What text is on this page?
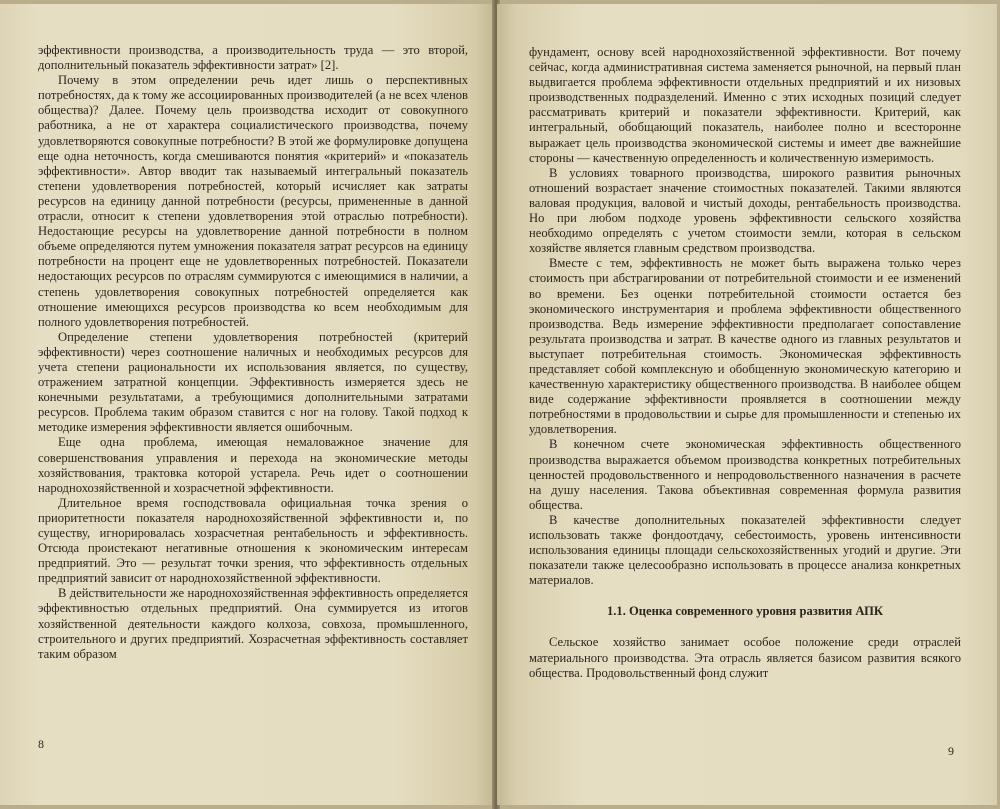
эффективности производства, а производительность труда — это второй, дополнительный показатель эффективности затрат» [2].

Почему в этом определении речь идет лишь о перспективных потребностях, да к тому же ассоциированных производителей (а не всех членов общества)? Далее. Почему цель производства исходит от совокупного работника, а не от характера социалистического производства, почему удовлетворяются совокупные потребности? В этой же формулировке допущена еще одна неточность, когда смешиваются понятия «критерий» и «показатель эффективности». Автор вводит так называемый интегральный показатель степени удовлетворения потребностей, который исчисляет как затраты ресурсов на единицу данной потребности (ресурсы, примененные в данной отрасли, относит к степени удовлетворения этой отраслью потребности). Недостающие ресурсы на удовлетворение данной потребности в полном объеме определяются путем умножения показателя затрат ресурсов на единицу потребности на процент еще не удовлетворенных потребностей. Показатели недостающих ресурсов по отраслям суммируются с имеющимися в наличии, а степень удовлетворения совокупных потребностей определяется как отношение имеющихся ресурсов производства ко всем необходимым для полного удовлетворения потребностей.

Определение степени удовлетворения потребностей (критерий эффективности) через соотношение наличных и необходимых ресурсов для учета степени рациональности их использования является, по существу, отражением затратной концепции. Эффективность измеряется здесь не конечными результатами, а требующимися дополнительными затратами ресурсов. Проблема таким образом ставится с ног на голову. Такой подход к методике измерения эффективности является ошибочным.

Еще одна проблема, имеющая немаловажное значение для совершенствования управления и перехода на экономические методы хозяйствования, трактовка которой устарела. Речь идет о соотношении народнохозяйственной и хозрасчетной эффективности.

Длительное время господствовала официальная точка зрения о приоритетности показателя народнохозяйственной эффективности и, по существу, игнорировалась хозрасчетная рентабельность и эффективность. Отсюда проистекают негативные отношения к экономическим интересам предприятий. Это — результат точки зрения, что эффективность отдельных предприятий зависит от народнохозяйственной эффективности.

В действительности же народнохозяйственная эффективность определяется эффективностью отдельных предприятий. Она суммируется из итогов хозяйственной деятельности каждого колхоза, совхоза, промышленного, строительного и других предприятий. Хозрасчетная эффективность составляет таким образом

8

фундамент, основу всей народнохозяйственной эффективности. Вот почему сейчас, когда административная система заменяется рыночной, на первый план выдвигается проблема эффективности отдельных предприятий и их низовых производственных подразделений. Именно с этих исходных позиций следует рассматривать критерий и показатели эффективности. Критерий, как интегральный, обобщающий показатель, наиболее полно и всесторонне выражает цель производства экономической системы и имеет две важнейшие стороны — качественную определенность и количественную измеримость.

В условиях товарного производства, широкого развития рыночных отношений возрастает значение стоимостных показателей. Такими являются валовая продукция, валовой и чистый доходы, рентабельность производства. Но при любом подходе уровень эффективности сельского хозяйства необходимо определять с учетом стоимости земли, которая в сельском хозяйстве является главным средством производства.

Вместе с тем, эффективность не может быть выражена только через стоимость при абстрагировании от потребительной стоимости и ее изменений во времени. Без оценки потребительной стоимости остается без экономического инструментария и проблема эффективности общественного производства. Ведь измерение эффективности предполагает сопоставление результата производства и затрат. В качестве одного из главных результатов и выступает потребительная стоимость. Экономическая эффективность представляет собой комплексную и обобщенную экономическую категорию и качественную характеристику общественного производства. В наиболее общем виде содержание эффективности проявляется в соотношении между потребностями в продовольствии и сырье для промышленности и степенью их удовлетворения.

В конечном счете экономическая эффективность общественного производства выражается объемом производства конкретных потребительных ценностей продовольственного и непродовольственного назначения в расчете на душу населения. Такова объективная современная формула развития общества.

В качестве дополнительных показателей эффективности следует использовать также фондоотдачу, себестоимость, уровень интенсивности использования единицы площади сельскохозяйственных угодий и другие. Эти показатели также целесообразно использовать в процессе анализа конкретных материалов.

1.1. Оценка современного уровня развития АПК

Сельское хозяйство занимает особое положение среди отраслей материального производства. Эта отрасль является базисом развития всякого общества. Продовольственный фонд служит

9
